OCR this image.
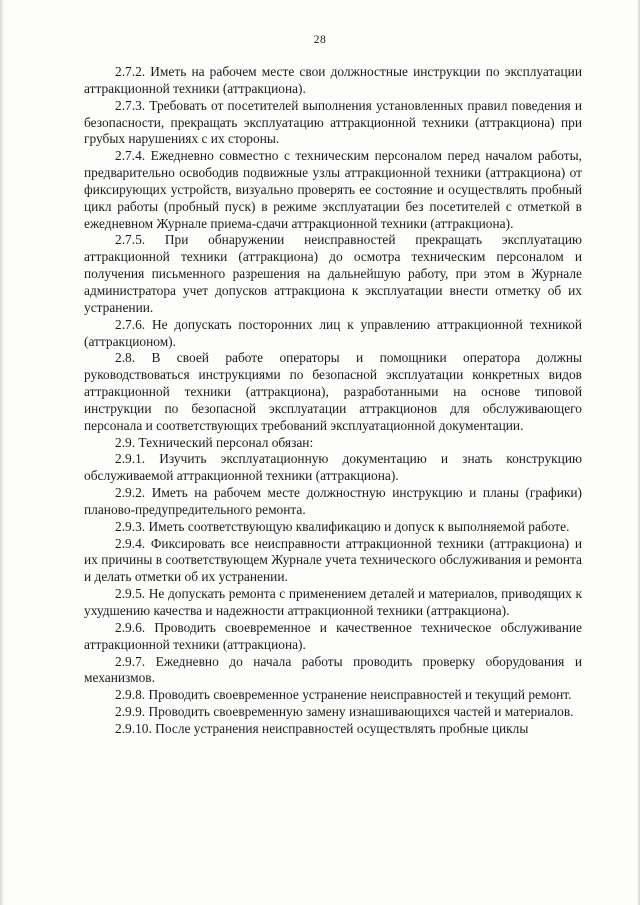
28

2.7.2. Иметь на рабочем месте свои должностные инструкции по эксплуатации аттракционной техники (аттракциона).

2.7.3. Требовать от посетителей выполнения установленных правил поведения и безопасности, прекращать эксплуатацию аттракционной техники (аттракциона) при грубых нарушениях с их стороны.

2.7.4. Ежедневно совместно с техническим персоналом перед началом работы, предварительно освободив подвижные узлы аттракционной техники (аттракциона) от фиксирующих устройств, визуально проверять ее состояние и осуществлять пробный цикл работы (пробный пуск) в режиме эксплуатации без посетителей с отметкой в ежедневном Журнале приема-сдачи аттракционной техники (аттракциона).

2.7.5. При обнаружении неисправностей прекращать эксплуатацию аттракционной техники (аттракциона) до осмотра техническим персоналом и получения письменного разрешения на дальнейшую работу, при этом в Журнале администратора учет допусков аттракциона к эксплуатации внести отметку об их устранении.

2.7.6. Не допускать посторонних лиц к управлению аттракционной техникой (аттракционом).

2.8. В своей работе операторы и помощники оператора должны руководствоваться инструкциями по безопасной эксплуатации конкретных видов аттракционной техники (аттракциона), разработанными на основе типовой инструкции по безопасной эксплуатации аттракционов для обслуживающего персонала и соответствующих требований эксплуатационной документации.

2.9. Технический персонал обязан:

2.9.1. Изучить эксплуатационную документацию и знать конструкцию обслуживаемой аттракционной техники (аттракциона).

2.9.2. Иметь на рабочем месте должностную инструкцию и планы (графики) планово-предупредительного ремонта.

2.9.3. Иметь соответствующую квалификацию и допуск к выполняемой работе.

2.9.4. Фиксировать все неисправности аттракционной техники (аттракциона) и их причины в соответствующем Журнале учета технического обслуживания и ремонта и делать отметки об их устранении.

2.9.5. Не допускать ремонта с применением деталей и материалов, приводящих к ухудшению качества и надежности аттракционной техники (аттракциона).

2.9.6. Проводить своевременное и качественное техническое обслуживание аттракционной техники (аттракциона).

2.9.7. Ежедневно до начала работы проводить проверку оборудования и механизмов.

2.9.8. Проводить своевременное устранение неисправностей и текущий ремонт.

2.9.9. Проводить своевременную замену изнашивающихся частей и материалов.

2.9.10. После устранения неисправностей осуществлять пробные циклы
